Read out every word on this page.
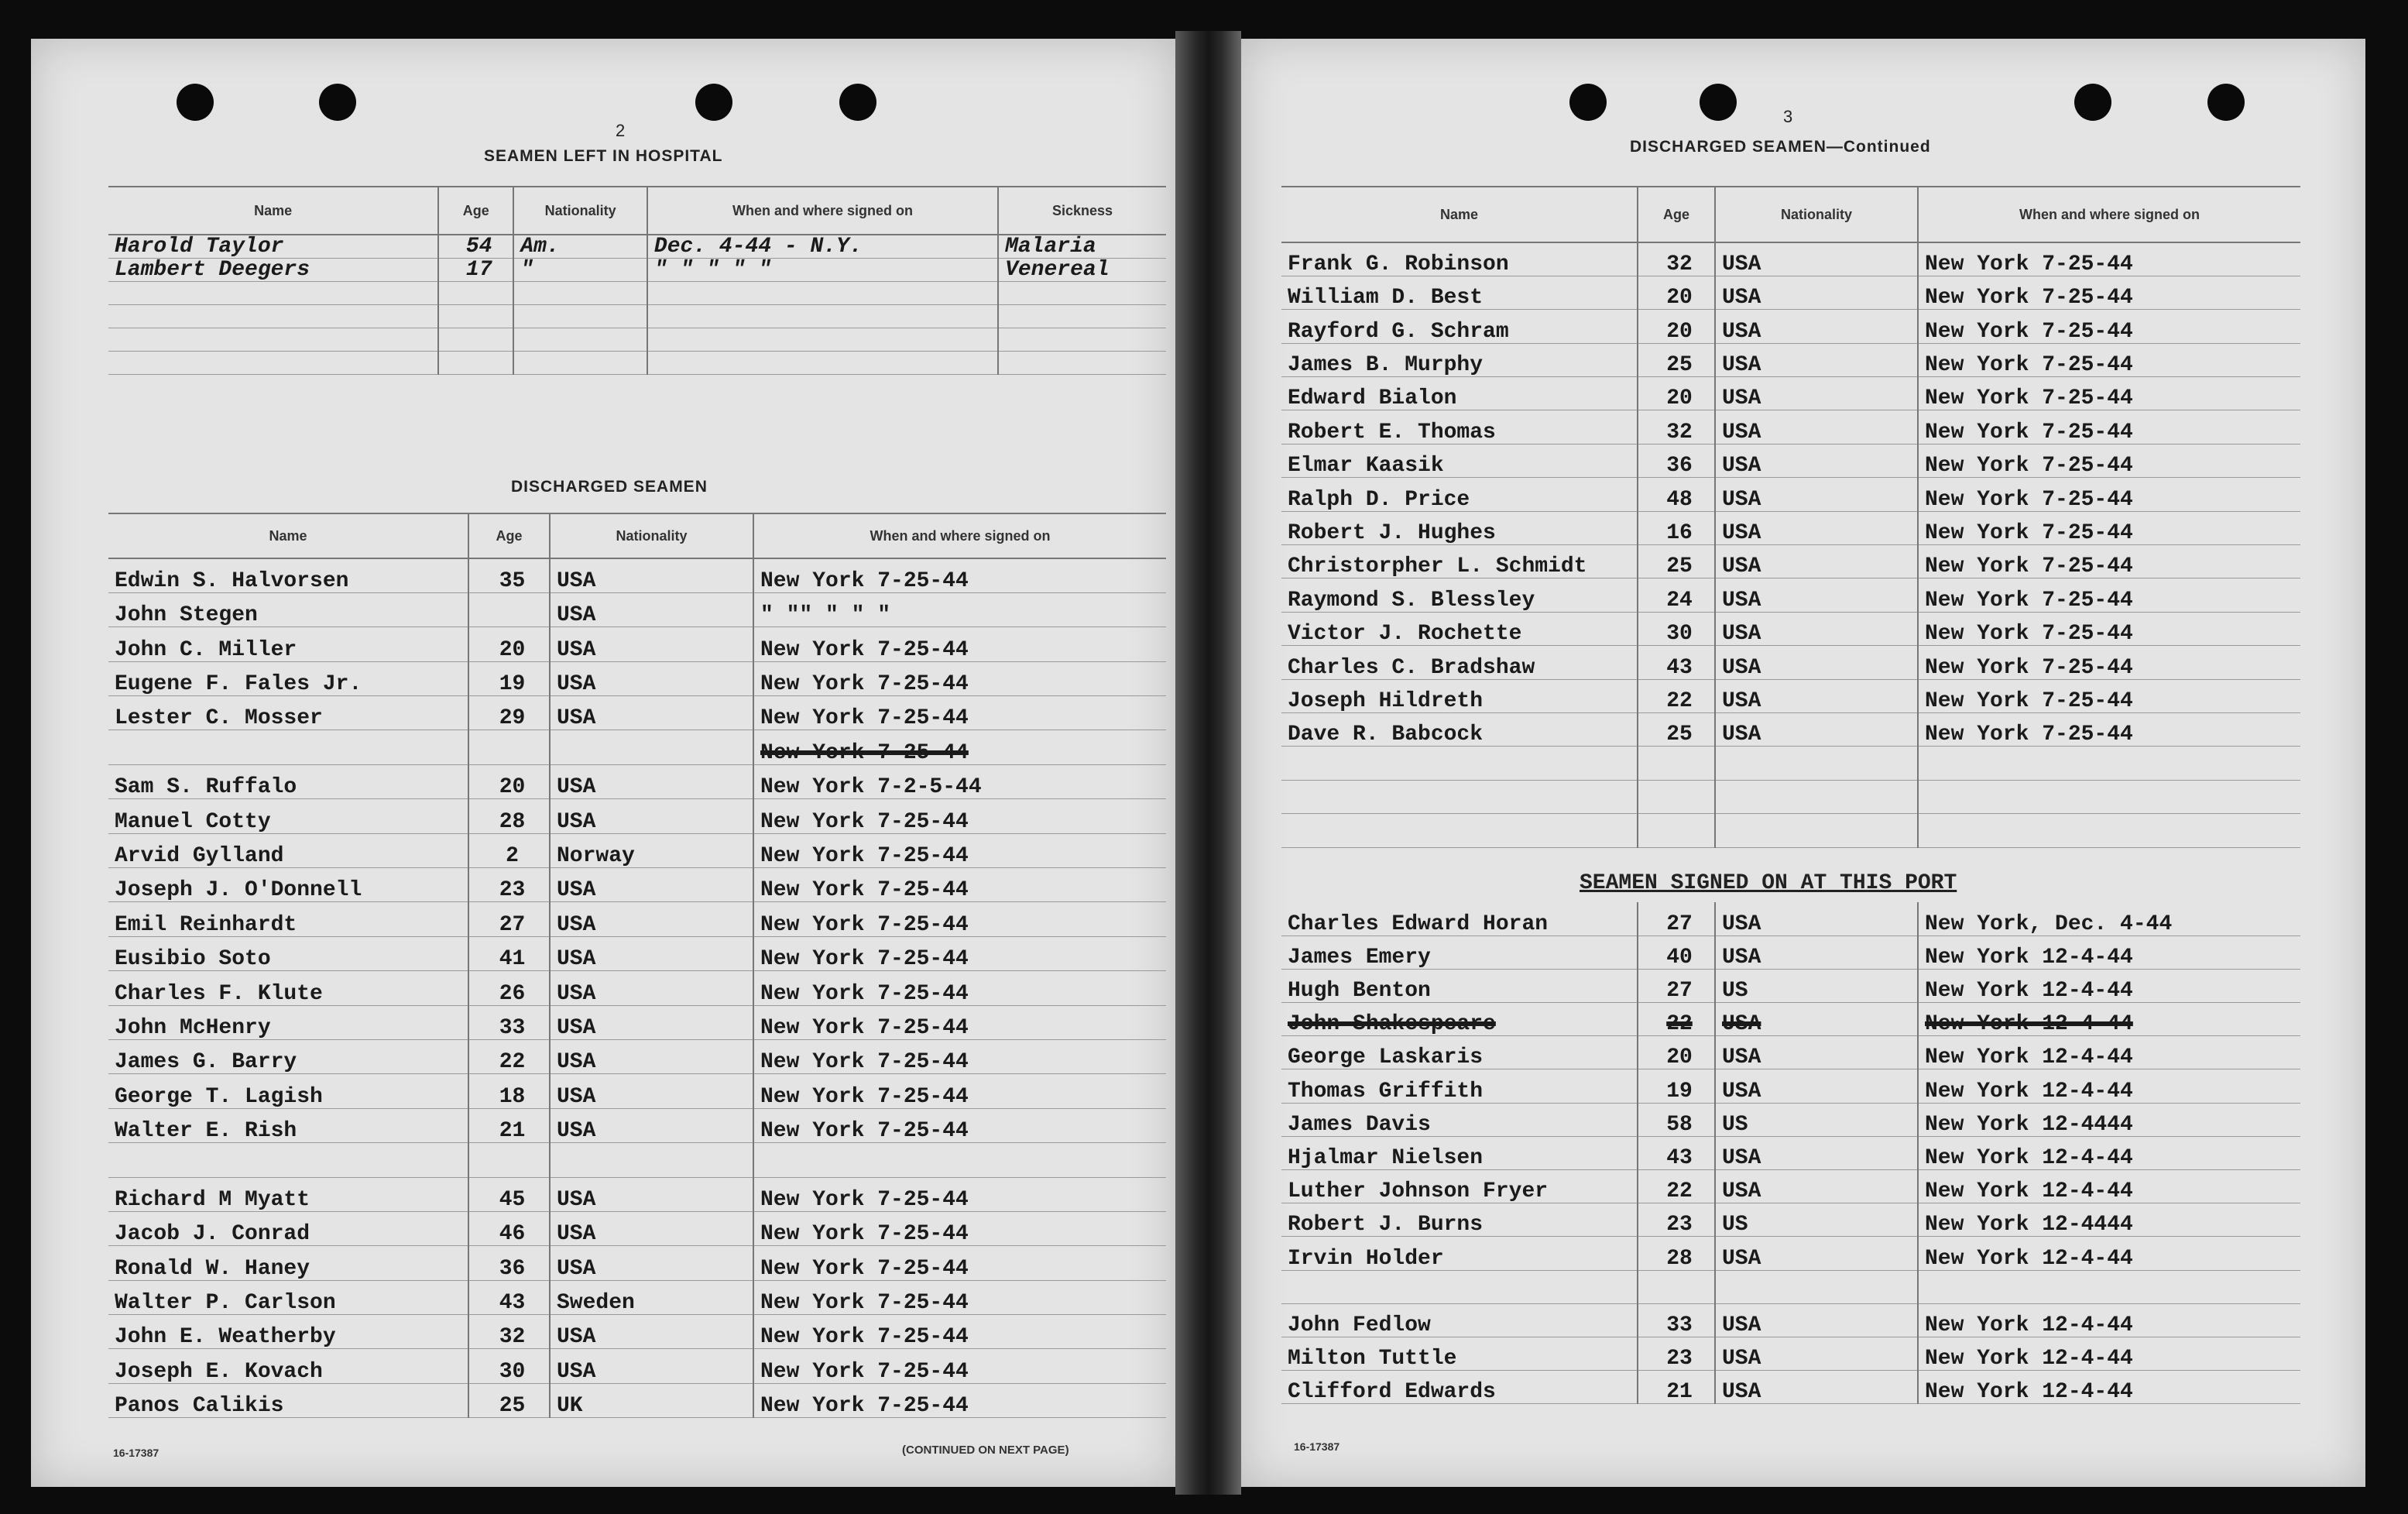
2
SEAMEN LEFT IN HOSPITAL
Name	Age	Nationality	When and where signed on	Sickness
Harold Taylor	54	Am.	Dec. 4-44 - N.Y.	Malaria
Lambert Deegers	17	"	" " " " "	Venereal

DISCHARGED SEAMEN
Name	Age	Nationality	When and where signed on
Edwin S. Halvorsen	35	USA	New York 7-25-44
John Stegen		USA	" "" " " "
John C. Miller	20	USA	New York 7-25-44
Eugene F. Fales Jr.	19	USA	New York 7-25-44
Lester C. Mosser	29	USA	New York 7-25-44
			New York 7-25-44
Sam S. Ruffalo	20	USA	New York 7-2-5-44
Manuel Cotty	28	USA	New York 7-25-44
Arvid Gylland	2	Norway	New York 7-25-44
Joseph J. O'Donnell	23	USA	New York 7-25-44
Emil Reinhardt	27	USA	New York 7-25-44
Eusibio Soto	41	USA	New York 7-25-44
Charles F. Klute	26	USA	New York 7-25-44
John McHenry	33	USA	New York 7-25-44
James G. Barry	22	USA	New York 7-25-44
George T. Lagish	18	USA	New York 7-25-44
Walter E. Rish	21	USA	New York 7-25-44

Richard M Myatt	45	USA	New York 7-25-44
Jacob J. Conrad	46	USA	New York 7-25-44
Ronald W. Haney	36	USA	New York 7-25-44
Walter P. Carlson	43	Sweden	New York 7-25-44
John E. Weatherby	32	USA	New York 7-25-44
Joseph E. Kovach	30	USA	New York 7-25-44
Panos Calikis	25	UK	New York 7-25-44
16-17387	(CONTINUED ON NEXT PAGE)
3
DISCHARGED SEAMEN—Continued
Name	Age	Nationality	When and where signed on
Frank G. Robinson	32	USA	New York 7-25-44
William D. Best	20	USA	New York 7-25-44
Rayford G. Schram	20	USA	New York 7-25-44
James B. Murphy	25	USA	New York 7-25-44
Edward Bialon	20	USA	New York 7-25-44
Robert E. Thomas	32	USA	New York 7-25-44
Elmar Kaasik	36	USA	New York 7-25-44
Ralph D. Price	48	USA	New York 7-25-44
Robert J. Hughes	16	USA	New York 7-25-44
Christorpher L. Schmidt	25	USA	New York 7-25-44
Raymond S. Blessley	24	USA	New York 7-25-44
Victor J. Rochette	30	USA	New York 7-25-44
Charles C. Bradshaw	43	USA	New York 7-25-44
Joseph Hildreth	22	USA	New York 7-25-44
Dave R. Babcock	25	USA	New York 7-25-44

SEAMEN SIGNED ON AT THIS PORT
Charles Edward Horan	27	USA	New York, Dec. 4-44
James Emery	40	USA	New York 12-4-44
Hugh Benton	27	US	New York 12-4-44
John Shakespeare	22	USA	New York 12-4-44
George Laskaris	20	USA	New York 12-4-44
Thomas Griffith	19	USA	New York 12-4-44
James Davis	58	US	New York 12-4444
Hjalmar Nielsen	43	USA	New York 12-4-44
Luther Johnson Fryer	22	USA	New York 12-4-44
Robert J. Burns	23	US	New York 12-4444
Irvin Holder	28	USA	New York 12-4-44

John Fedlow	33	USA	New York 12-4-44
Milton Tuttle	23	USA	New York 12-4-44
Clifford Edwards	21	USA	New York 12-4-44
16-17387
